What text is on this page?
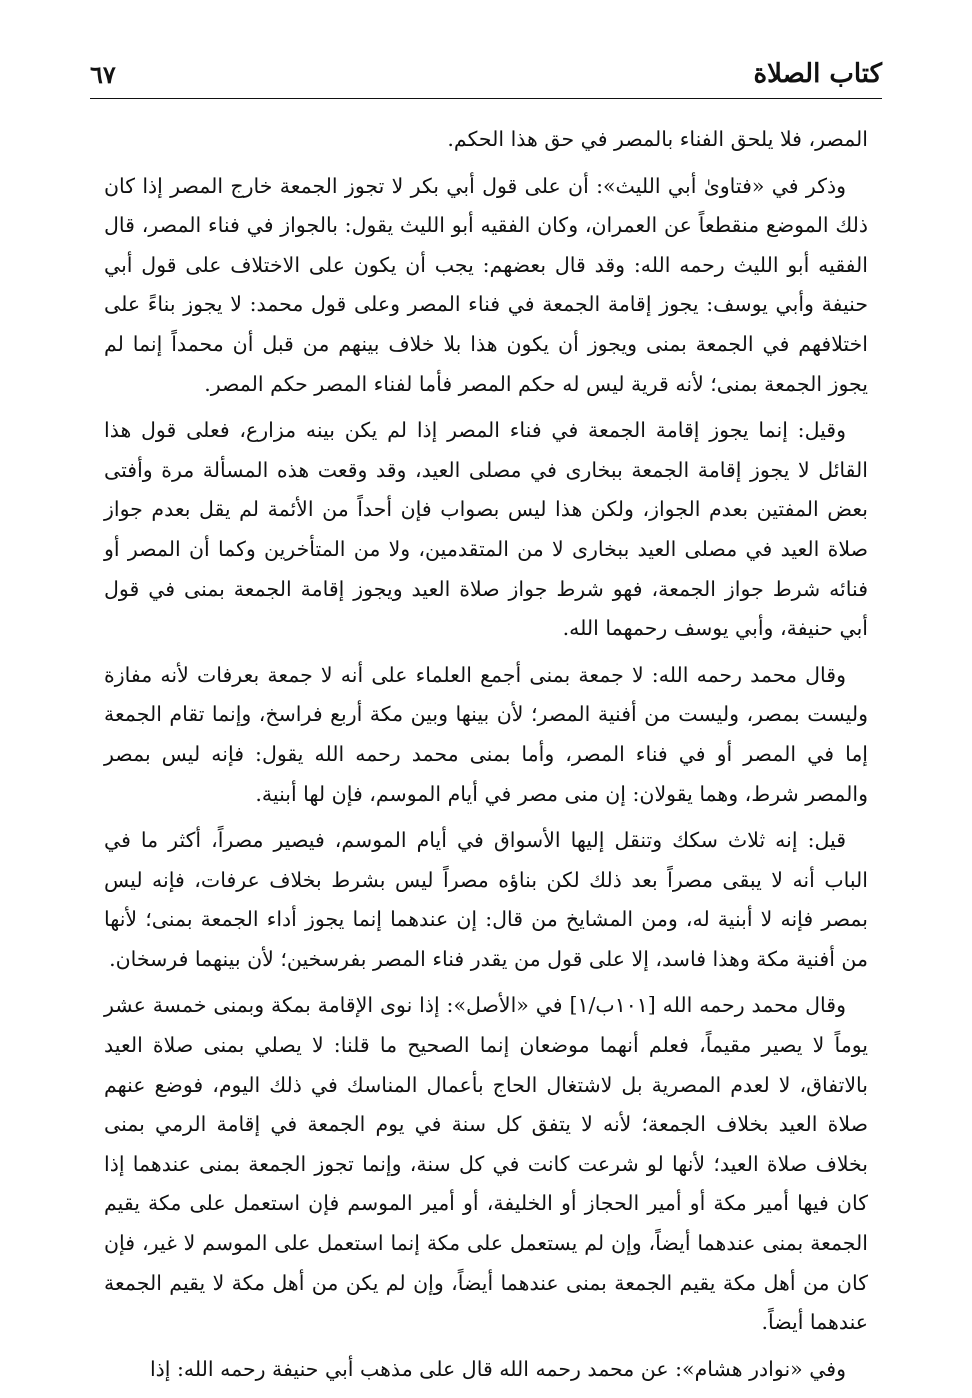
كتاب الصلاة
٦٧

المصر، فلا يلحق الفناء بالمصر في حق هذا الحكم.

وذكر في «فتاوىٰ أبي الليث»: أن على قول أبي بكر لا تجوز الجمعة خارج المصر إذا كان ذلك الموضع منقطعاً عن العمران، وكان الفقيه أبو الليث يقول: بالجواز في فناء المصر، قال الفقيه أبو الليث رحمه الله: وقد قال بعضهم: يجب أن يكون على الاختلاف على قول أبي حنيفة وأبي يوسف: يجوز إقامة الجمعة في فناء المصر وعلى قول محمد: لا يجوز بناءً على اختلافهم في الجمعة بمنى ويجوز أن يكون هذا بلا خلاف بينهم من قبل أن محمداً إنما لم يجوز الجمعة بمنى؛ لأنه قرية ليس له حكم المصر فأما لفناء المصر حكم المصر.

وقيل: إنما يجوز إقامة الجمعة في فناء المصر إذا لم يكن بينه مزارع، فعلى قول هذا القائل لا يجوز إقامة الجمعة ببخارى في مصلى العيد، وقد وقعت هذه المسألة مرة وأفتى بعض المفتين بعدم الجواز، ولكن هذا ليس بصواب فإن أحداً من الأئمة لم يقل بعدم جواز صلاة العيد في مصلى العيد ببخارى لا من المتقدمين، ولا من المتأخرين وكما أن المصر أو فنائه شرط جواز الجمعة، فهو شرط جواز صلاة العيد ويجوز إقامة الجمعة بمنى في قول أبي حنيفة، وأبي يوسف رحمهما الله.

وقال محمد رحمه الله: لا جمعة بمنى أجمع العلماء على أنه لا جمعة بعرفات لأنه مفازة وليست بمصر، وليست من أفنية المصر؛ لأن بينها وبين مكة أربع فراسخ، وإنما تقام الجمعة إما في المصر أو في فناء المصر، وأما بمنى محمد رحمه الله يقول: فإنه ليس بمصر والمصر شرط، وهما يقولان: إن منى مصر في أيام الموسم، فإن لها أبنية.

قيل: إنه ثلاث سكك وتنقل إليها الأسواق في أيام الموسم، فيصير مصراً، أكثر ما في الباب أنه لا يبقى مصراً بعد ذلك لكن بناؤه مصراً ليس بشرط بخلاف عرفات، فإنه ليس بمصر فإنه لا أبنية له، ومن المشايخ من قال: إن عندهما إنما يجوز أداء الجمعة بمنى؛ لأنها من أفنية مكة وهذا فاسد، إلا على قول من يقدر فناء المصر بفرسخين؛ لأن بينهما فرسخان.

وقال محمد رحمه الله [١٠١ب/١] في «الأصل»: إذا نوى الإقامة بمكة وبمنى خمسة عشر يوماً لا يصير مقيماً، فعلم أنهما موضعان إنما الصحيح ما قلنا: لا يصلي بمنى صلاة العيد بالاتفاق، لا لعدم المصرية بل لاشتغال الحاج بأعمال المناسك في ذلك اليوم، فوضع عنهم صلاة العيد بخلاف الجمعة؛ لأنه لا يتفق كل سنة في يوم الجمعة في إقامة الرمي بمنى بخلاف صلاة العيد؛ لأنها لو شرعت كانت في كل سنة، وإنما تجوز الجمعة بمنى عندهما إذا كان فيها أمير مكة أو أمير الحجاز أو الخليفة، أو أمير الموسم فإن استعمل على مكة يقيم الجمعة بمنى عندهما أيضاً، وإن لم يستعمل على مكة إنما استعمل على الموسم لا غير، فإن كان من أهل مكة يقيم الجمعة بمنى عندهما أيضاً، وإن لم يكن من أهل مكة لا يقيم الجمعة عندهما أيضاً.

وفي «نوادر هشام»: عن محمد رحمه الله قال على مذهب أبي حنيفة رحمه الله: إذا
